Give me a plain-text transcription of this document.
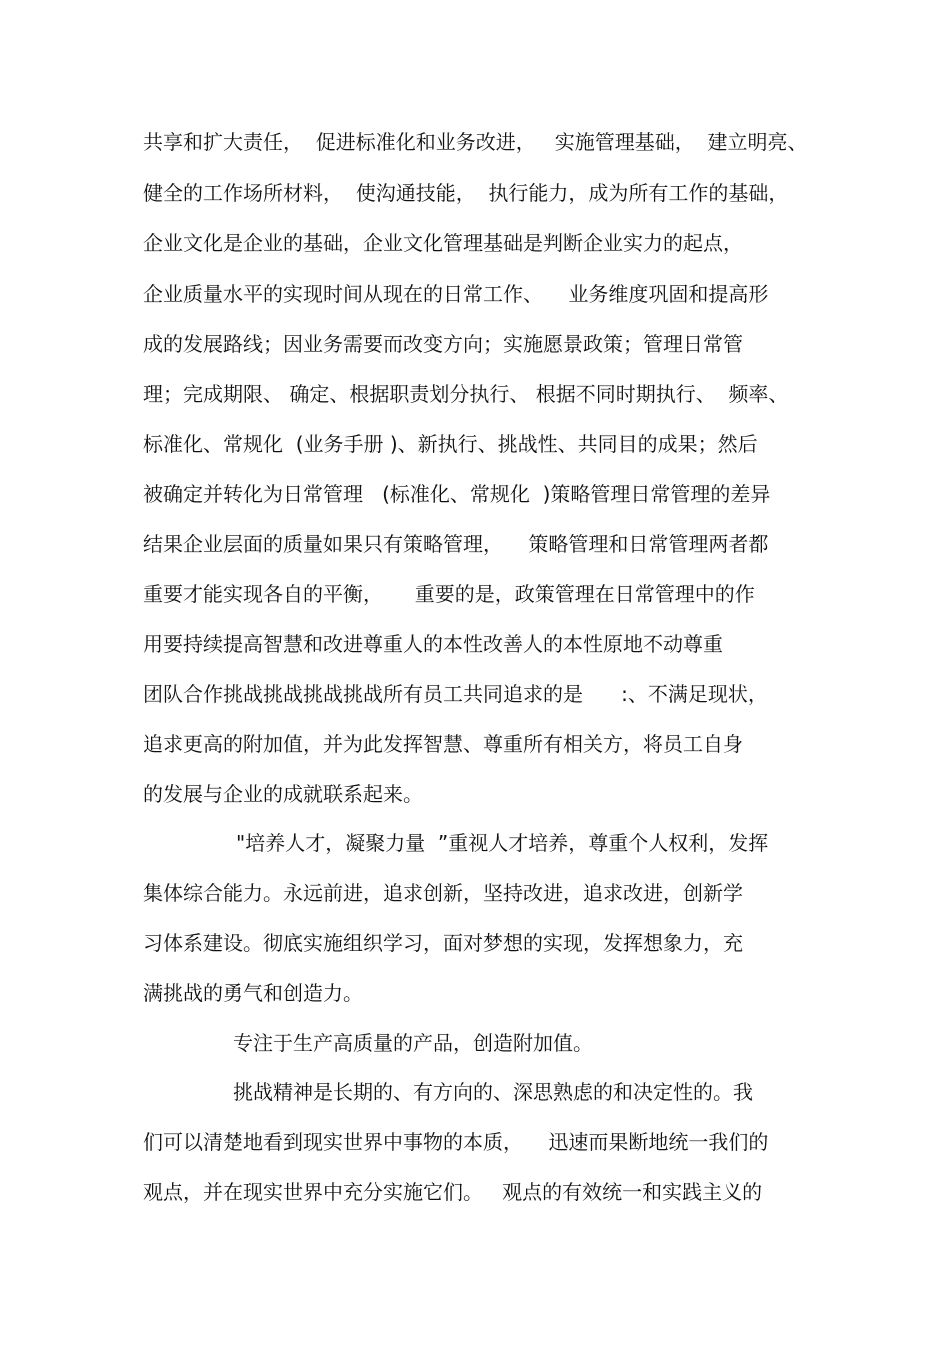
共享和扩大责任，  促进标准化和业务改进，   实施管理基础，  建立明亮、
健全的工作场所材料，  使沟通技能，  执行能力，成为所有工作的基础，
企业文化是企业的基础，企业文化管理基础是判断企业实力的起点，
企业质量水平的实现时间从现在的日常工作、    业务维度巩固和提高形
成的发展路线；因业务需要而改变方向；实施愿景政策；管理日常管
理；完成期限、 确定、根据职责划分执行、 根据不同时期执行、  频率、
标准化、常规化  (业务手册 )、新执行、挑战性、共同目的成果；然后
被确定并转化为日常管理   (标准化、常规化  )策略管理日常管理的差异
结果企业层面的质量如果只有策略管理，    策略管理和日常管理两者都
重要才能实现各自的平衡，     重要的是，政策管理在日常管理中的作
用要持续提高智慧和改进尊重人的本性改善人的本性原地不动尊重
团队合作挑战挑战挑战挑战所有员工共同追求的是      :、不满足现状，
追求更高的附加值，并为此发挥智慧、尊重所有相关方，将员工自身
的发展与企业的成就联系起来。
"培养人才，凝聚力量  ”重视人才培养，尊重个人权利，发挥
集体综合能力。永远前进，追求创新，坚持改进，追求改进，创新学
习体系建设。彻底实施组织学习，面对梦想的实现，发挥想象力，充
满挑战的勇气和创造力。
专注于生产高质量的产品，创造附加值。
挑战精神是长期的、有方向的、深思熟虑的和决定性的。我
们可以清楚地看到现实世界中事物的本质，    迅速而果断地统一我们的
观点，并在现实世界中充分实施它们。   观点的有效统一和实践主义的
